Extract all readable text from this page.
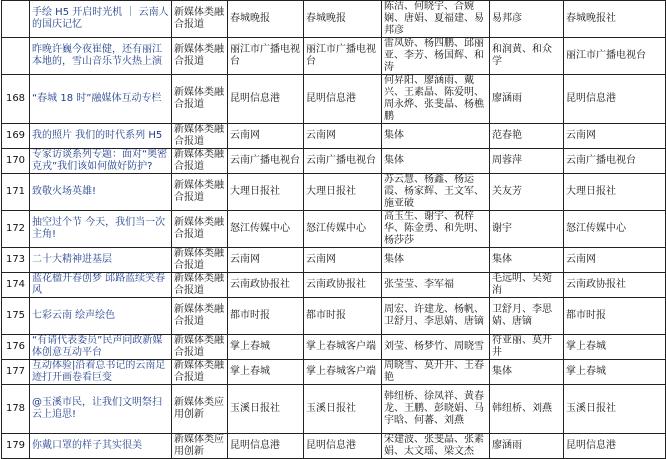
	手绘 H5 开启时光机 ｜ 云南人的国庆记忆	新媒体类融合报道	春城晚报	春城晚报	陈洁、何晓宇、合婉娴、唐娟、夏福建、易邦彦	易邦彦	春城晚报社
	昨晚许巍今夜崔健，还有丽江本地的，雪山音乐节火热上演	新媒体类融合报道	丽江市广播电视台	丽江市广播电视台	雷凤娇、杨四鹏、邱丽亚、李芳、杨国辉、和涛	和润黄、和众学	丽江市广播电视台
168	“春城 18 时”融媒体互动专栏	新媒体类融合报道	昆明信息港	昆明信息港	何昇阳、廖涵雨、戴兴、王素晶、陈爱明、周永烨、张斐晶、杨樵鹏	廖涵雨	昆明信息港
169	我的照片 我们的时代系列 H5	新媒体类融合报道	云南网	云南网	集体	范春艳	云南网
170	专家访谈系列专题：面对“奥密克戎”我们该如何做好防护?	新媒体类融合报道	云南广播电视台	云南广播电视台	集体	周蓉萍	云南广播电视台
171	致敬火场英雄!	新媒体类融合报道	大理日报社	大理日报社	苏云慧、杨鑫、杨运霞、杨家辉、王文军、施亚破	关友芳	大理日报社
172	抽空过个节 今天，我们当一次主角!	新媒体类融合报道	怒江传媒中心	怒江传媒中心	高玉生、谢宇、祝梓华、陈金勇、和先明、杨莎莎	谢宇	怒江传媒中心
173	二十大精神进基层	新媒体类融合报道	云南网	云南网	集体	集体	云南网
174	蓝花楹开春创梦 邱路蓝续笑春风	新媒体类融合报道	云南政协报社	云南政协报社	张莹莹、李军福	毛远明、吴菀洧	云南政协报社
175	七彩云南 绘声绘色	新媒体类融合报道	都市时报	都市时报	周宏、许建龙、杨帆、卫舒月、李思婧、唐镝	卫舒月、李思婧、唐镝	都市时报
176	“有请代表委员”民声问政新媒体创意互动平台	新媒体类融合报道	掌上春城	掌上春城客户端	刘莹、杨梦竹、周晓雪	符亚丽、莫开井	掌上春城
177	互动体验|沿着总书记的云南足迹打开画卷看巨变	新媒体类融合报道	掌上春城	掌上春城客户端	周晓雪、莫开井、王春艳	集体	掌上春城
178	@玉溪市民，让我们文明祭扫 云上追思!	新媒体类应用创新	玉溪日报社	玉溪日报社	韩纽桥、徐凤祥、黄春龙、王鹏、彭晓娟、马宇晗、何蕃、刘燕	韩纽桥、刘燕	玉溪日报社
179	你戴口罩的样子其实很美	新媒体类应用创新	昆明信息港	昆明信息港	宋建波、张斐晶、张素娟、太文瑶、梁文杰	廖涵雨	昆明信息港
